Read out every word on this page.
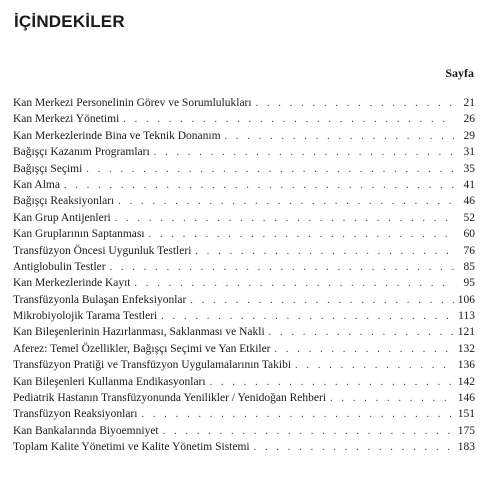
İÇİNDEKİLER
Sayfa
Kan Merkezi Personelinin Görev ve Sorumlulukları . . .	21
Kan Merkezi Yönetimi . . .	26
Kan Merkezlerinde Bina ve Teknik Donanım . . .	29
Bağışçı Kazanım Programları . . .	31
Bağışçı Seçimi . . .	35
Kan Alma . . .	41
Bağışçı Reaksiyonları . . .	46
Kan Grup Antijenleri . . .	52
Kan Gruplarının Saptanması . . .	60
Transfüzyon Öncesi Uygunluk Testleri . . .	76
Antiglobulin Testler . . .	85
Kan Merkezlerinde Kayıt . . .	95
Transfüzyonla Bulaşan Enfeksiyonlar . . .	106
Mikrobiyolojik Tarama Testleri . . .	113
Kan Bileşenlerinin Hazırlanması, Saklanması ve Nakli . . .	121
Aferez: Temel Özellikler, Bağışçı Seçimi ve Yan Etkiler . . .	132
Transfüzyon Pratiği ve Transfüzyon Uygulamalarının Takibi . . .	136
Kan Bileşenleri Kullanma Endikasyonları . . .	142
Pediatrik Hastanın Transfüzyonunda Yenilikler / Yenidoğan Rehberi . . .	146
Transfüzyon Reaksiyonları . . .	151
Kan Bankalarında Biyoemniyet . . .	175
Toplam Kalite Yönetimi ve Kalite Yönetim Sistemi . . .	183
